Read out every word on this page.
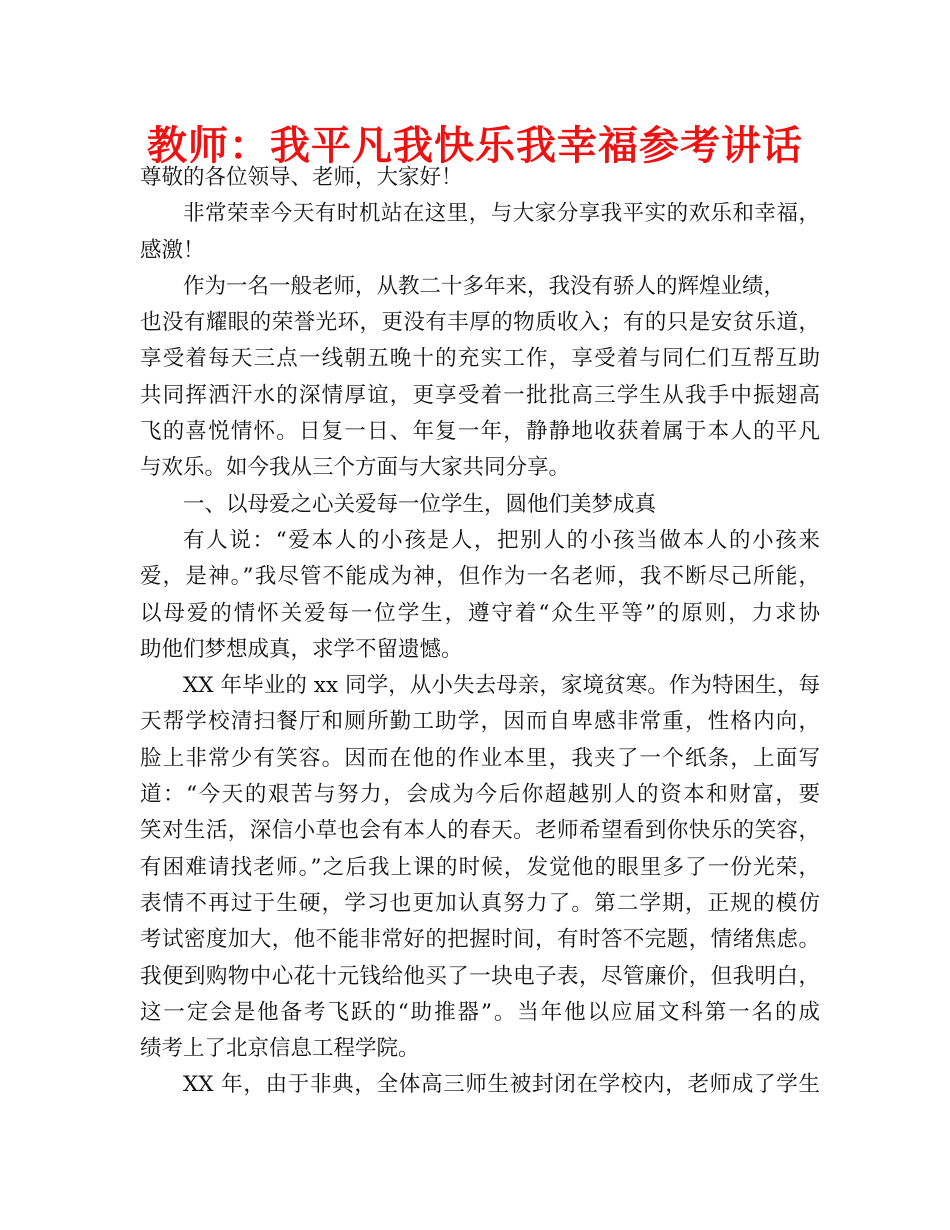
教师：我平凡我快乐我幸福参考讲话
尊敬的各位领导、老师，大家好！
非常荣幸今天有时机站在这里，与大家分享我平实的欢乐和幸福，
感激！
作为一名一般老师，从教二十多年来，我没有骄人的辉煌业绩，
也没有耀眼的荣誉光环，更没有丰厚的物质收入；有的只是安贫乐道，
享受着每天三点一线朝五晚十的充实工作，享受着与同仁们互帮互助
共同挥洒汗水的深情厚谊，更享受着一批批高三学生从我手中振翅高
飞的喜悦情怀。日复一日、年复一年，静静地收获着属于本人的平凡
与欢乐。如今我从三个方面与大家共同分享。
一、以母爱之心关爱每一位学生，圆他们美梦成真
有人说：“爱本人的小孩是人，把别人的小孩当做本人的小孩来
爱，是神。”我尽管不能成为神，但作为一名老师，我不断尽己所能，
以母爱的情怀关爱每一位学生，遵守着“众生平等”的原则，力求协
助他们梦想成真，求学不留遗憾。
XX 年毕业的 xx 同学，从小失去母亲，家境贫寒。作为特困生，每
天帮学校清扫餐厅和厕所勤工助学，因而自卑感非常重，性格内向，
脸上非常少有笑容。因而在他的作业本里，我夹了一个纸条，上面写
道：“今天的艰苦与努力，会成为今后你超越别人的资本和财富，要
笑对生活，深信小草也会有本人的春天。老师希望看到你快乐的笑容，
有困难请找老师。”之后我上课的时候，发觉他的眼里多了一份光荣，
表情不再过于生硬，学习也更加认真努力了。第二学期，正规的模仿
考试密度加大，他不能非常好的把握时间，有时答不完题，情绪焦虑。
我便到购物中心花十元钱给他买了一块电子表，尽管廉价，但我明白，
这一定会是他备考飞跃的“助推器”。当年他以应届文科第一名的成
绩考上了北京信息工程学院。
XX 年，由于非典，全体高三师生被封闭在学校内，老师成了学生
